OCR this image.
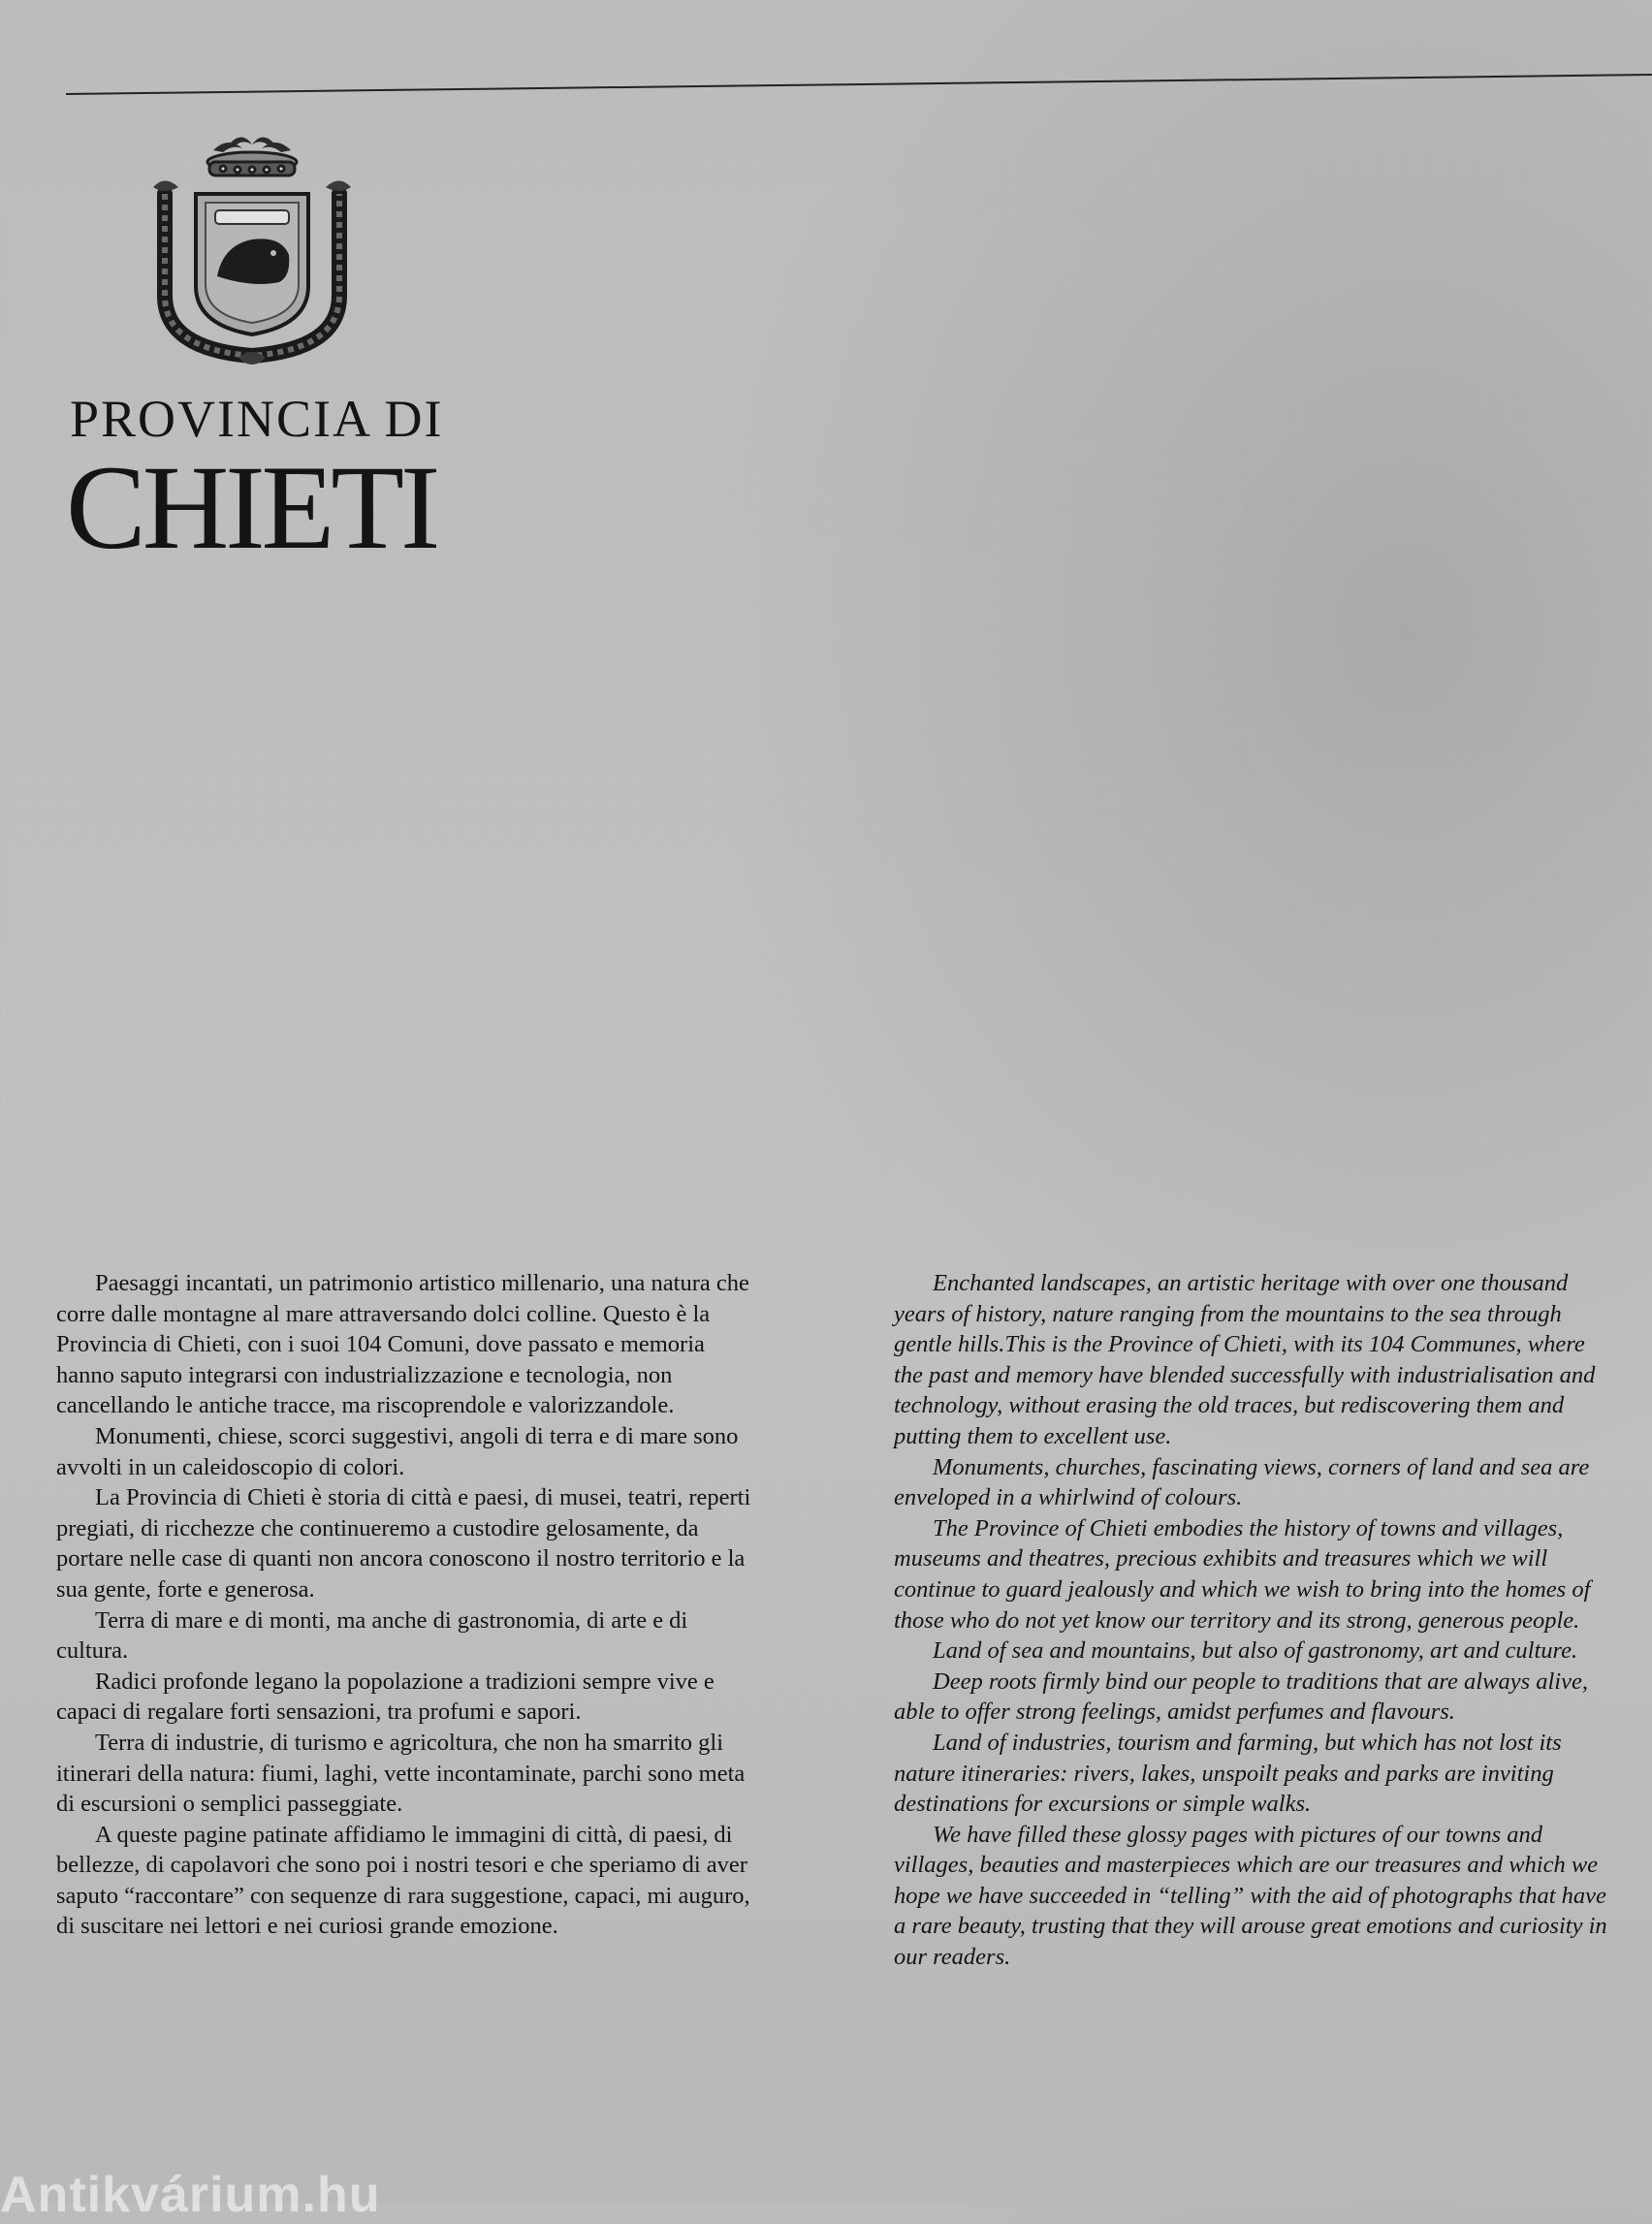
PROVINCIA DI
CHIETI

Paesaggi incantati, un patrimonio artistico millenario, una natura che corre dalle montagne al mare attraversando dolci colline. Questo è la Provincia di Chieti, con i suoi 104 Comuni, dove passato e memoria hanno saputo integrarsi con industrializzazione e tecnologia, non cancellando le antiche tracce, ma riscoprendole e valorizzandole.

Monumenti, chiese, scorci suggestivi, angoli di terra e di mare sono avvolti in un caleidoscopio di colori.

La Provincia di Chieti è storia di città e paesi, di musei, teatri, reperti pregiati, di ricchezze che continueremo a custodire gelosamente, da portare nelle case di quanti non ancora conoscono il nostro territorio e la sua gente, forte e generosa.

Terra di mare e di monti, ma anche di gastronomia, di arte e di cultura.

Radici profonde legano la popolazione a tradizioni sempre vive e capaci di regalare forti sensazioni, tra profumi e sapori.

Terra di industrie, di turismo e agricoltura, che non ha smarrito gli itinerari della natura: fiumi, laghi, vette incontaminate, parchi sono meta di escursioni o semplici passeggiate.

A queste pagine patinate affidiamo le immagini di città, di paesi, di bellezze, di capolavori che sono poi i nostri tesori e che speriamo di aver saputo “raccontare” con sequenze di rara suggestione, capaci, mi auguro, di suscitare nei lettori e nei curiosi grande emozione.

Enchanted landscapes, an artistic heritage with over one thousand years of history, nature ranging from the mountains to the sea through gentle hills.This is the Province of Chieti, with its 104 Communes, where the past and memory have blended successfully with industrialisation and technology, without erasing the old traces, but rediscovering them and putting them to excellent use.

Monuments, churches, fascinating views, corners of land and sea are enveloped in a whirlwind of colours.

The Province of Chieti embodies the history of towns and villages, museums and theatres, precious exhibits and treasures which we will continue to guard jealously and which we wish to bring into the homes of those who do not yet know our territory and its strong, generous people.

Land of sea and mountains, but also of gastronomy, art and culture.

Deep roots firmly bind our people to traditions that are always alive, able to offer strong feelings, amidst perfumes and flavours.

Land of industries, tourism and farming, but which has not lost its nature itineraries: rivers, lakes, unspoilt peaks and parks are inviting destinations for excursions or simple walks.

We have filled these glossy pages with pictures of our towns and villages, beauties and masterpieces which are our treasures and which we hope we have succeeded in “telling” with the aid of photographs that have a rare beauty, trusting that they will arouse great emotions and curiosity in our readers.

Antikvárium.hu
